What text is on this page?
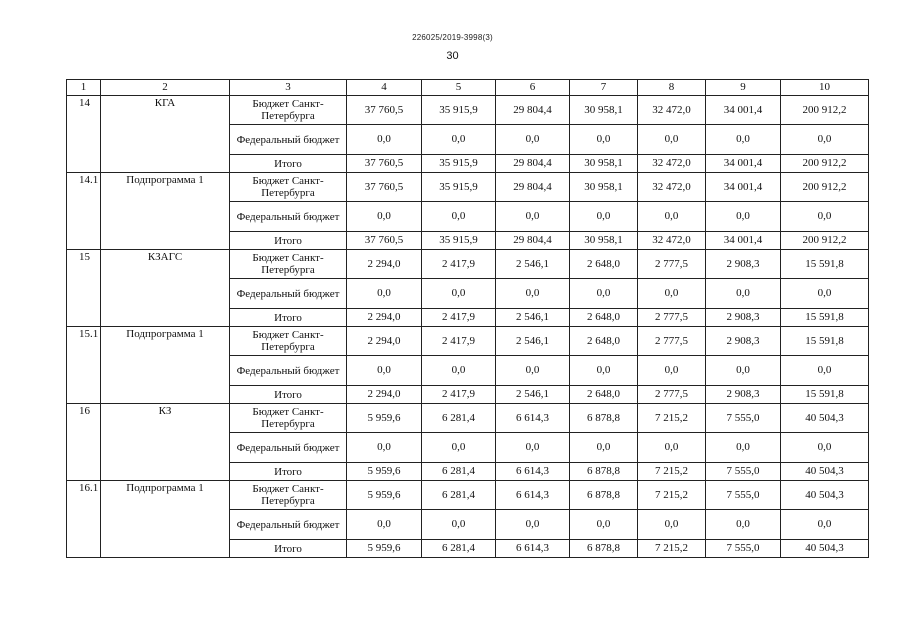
226025/2019-3998(3)
30
1	2	3	4	5	6	7	8	9	10
14	КГА	Бюджет Санкт-Петербурга	37 760,5	35 915,9	29 804,4	30 958,1	32 472,0	34 001,4	200 912,2
		Федеральный бюджет	0,0	0,0	0,0	0,0	0,0	0,0	0,0
		Итого	37 760,5	35 915,9	29 804,4	30 958,1	32 472,0	34 001,4	200 912,2
14.1	Подпрограмма 1	Бюджет Санкт-Петербурга	37 760,5	35 915,9	29 804,4	30 958,1	32 472,0	34 001,4	200 912,2
		Федеральный бюджет	0,0	0,0	0,0	0,0	0,0	0,0	0,0
		Итого	37 760,5	35 915,9	29 804,4	30 958,1	32 472,0	34 001,4	200 912,2
15	КЗАГС	Бюджет Санкт-Петербурга	2 294,0	2 417,9	2 546,1	2 648,0	2 777,5	2 908,3	15 591,8
		Федеральный бюджет	0,0	0,0	0,0	0,0	0,0	0,0	0,0
		Итого	2 294,0	2 417,9	2 546,1	2 648,0	2 777,5	2 908,3	15 591,8
15.1	Подпрограмма 1	Бюджет Санкт-Петербурга	2 294,0	2 417,9	2 546,1	2 648,0	2 777,5	2 908,3	15 591,8
		Федеральный бюджет	0,0	0,0	0,0	0,0	0,0	0,0	0,0
		Итого	2 294,0	2 417,9	2 546,1	2 648,0	2 777,5	2 908,3	15 591,8
16	КЗ	Бюджет Санкт-Петербурга	5 959,6	6 281,4	6 614,3	6 878,8	7 215,2	7 555,0	40 504,3
		Федеральный бюджет	0,0	0,0	0,0	0,0	0,0	0,0	0,0
		Итого	5 959,6	6 281,4	6 614,3	6 878,8	7 215,2	7 555,0	40 504,3
16.1	Подпрограмма 1	Бюджет Санкт-Петербурга	5 959,6	6 281,4	6 614,3	6 878,8	7 215,2	7 555,0	40 504,3
		Федеральный бюджет	0,0	0,0	0,0	0,0	0,0	0,0	0,0
		Итого	5 959,6	6 281,4	6 614,3	6 878,8	7 215,2	7 555,0	40 504,3
